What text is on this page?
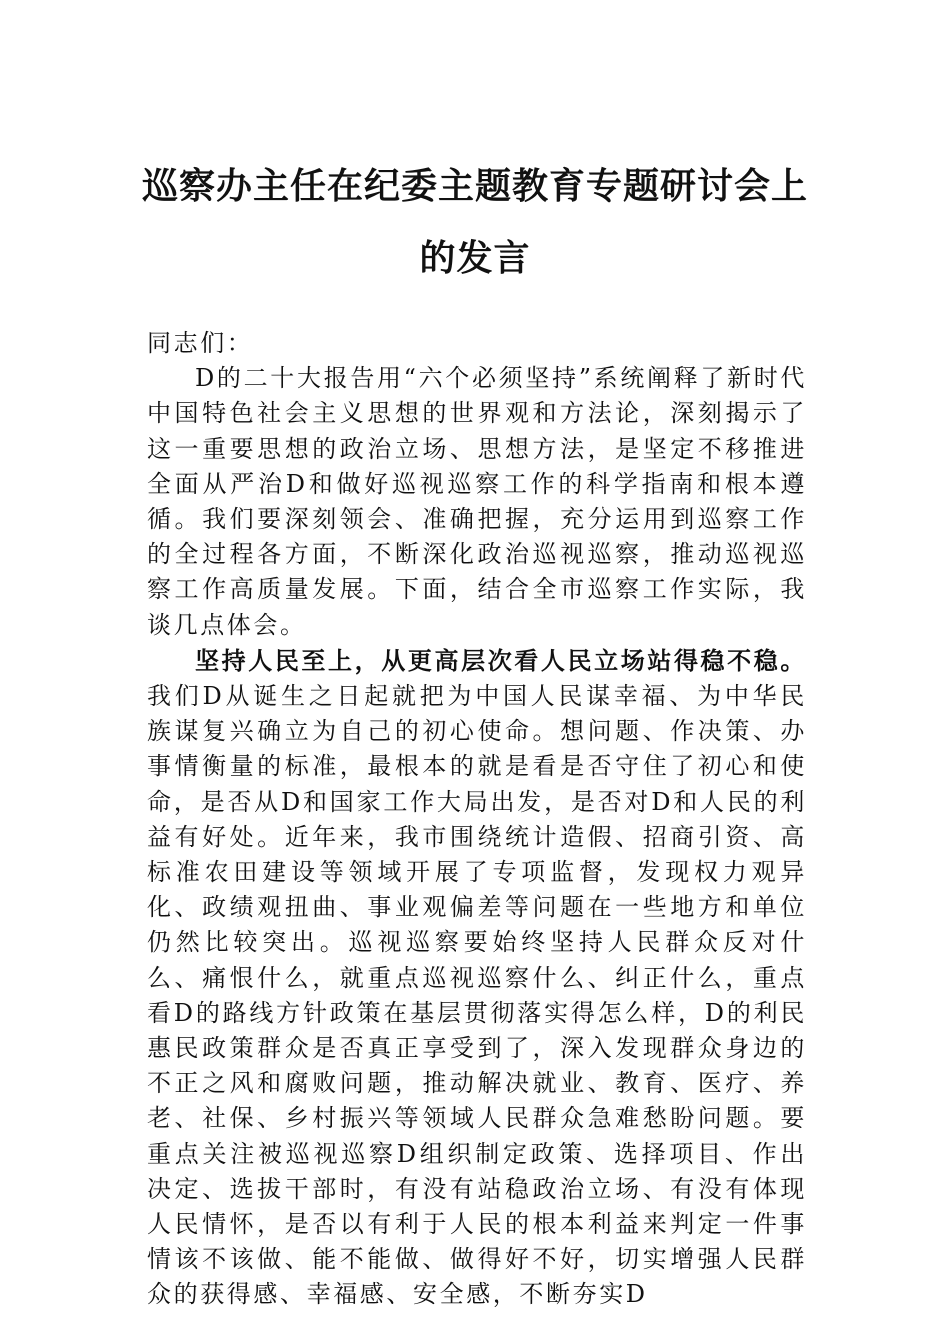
巡察办主任在纪委主题教育专题研讨会上的发言

同志们：

D的二十大报告用“六个必须坚持”系统阐释了新时代中国特色社会主义思想的世界观和方法论，深刻揭示了这一重要思想的政治立场、思想方法，是坚定不移推进全面从严治D和做好巡视巡察工作的科学指南和根本遵循。我们要深刻领会、准确把握，充分运用到巡察工作的全过程各方面，不断深化政治巡视巡察，推动巡视巡察工作高质量发展。下面，结合全市巡察工作实际，我谈几点体会。

坚持人民至上，从更高层次看人民立场站得稳不稳。我们D从诞生之日起就把为中国人民谋幸福、为中华民族谋复兴确立为自己的初心使命。想问题、作决策、办事情衡量的标准，最根本的就是看是否守住了初心和使命，是否从D和国家工作大局出发，是否对D和人民的利益有好处。近年来，我市围绕统计造假、招商引资、高标准农田建设等领域开展了专项监督，发现权力观异化、政绩观扭曲、事业观偏差等问题在一些地方和单位仍然比较突出。巡视巡察要始终坚持人民群众反对什么、痛恨什么，就重点巡视巡察什么、纠正什么，重点看D的路线方针政策在基层贯彻落实得怎么样，D的利民惠民政策群众是否真正享受到了，深入发现群众身边的不正之风和腐败问题，推动解决就业、教育、医疗、养老、社保、乡村振兴等领域人民群众急难愁盼问题。要重点关注被巡视巡察D组织制定政策、选择项目、作出决定、选拔干部时，有没有站稳政治立场、有没有体现人民情怀，是否以有利于人民的根本利益来判定一件事情该不该做、能不能做、做得好不好，切实增强人民群众的获得感、幸福感、安全感，不断夯实D
